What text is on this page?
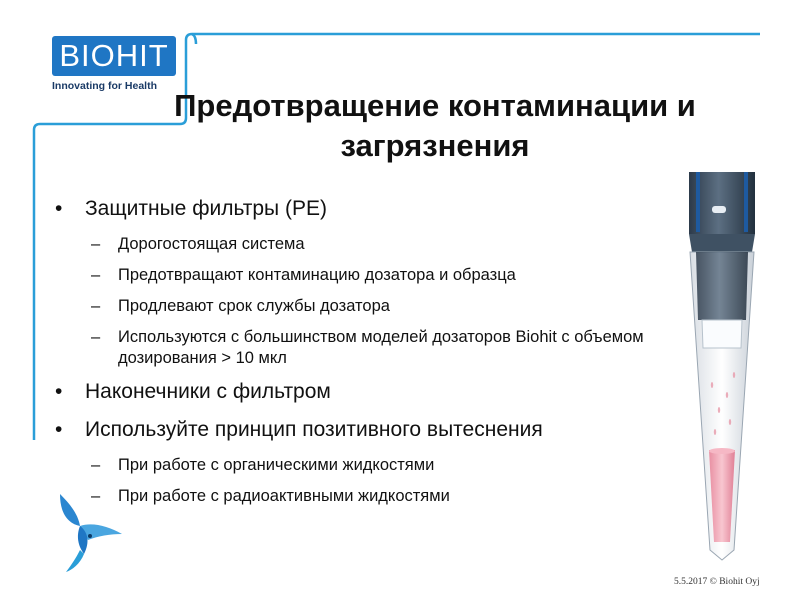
BIOHIT
Innovating for Health
Предотвращение контаминации и загрязнения
• Защитные фильтры (PE)
– Дорогостоящая система
– Предотвращают контаминацию дозатора и образца
– Продлевают срок службы дозатора
– Используются с большинством моделей дозаторов Biohit с объемом дозирования > 10 мкл
• Наконечники с фильтром
• Используйте принцип позитивного вытеснения
– При работе с органическими жидкостями
– При работе с радиоактивными жидкостями
5.5.2017 © Biohit Oyj
